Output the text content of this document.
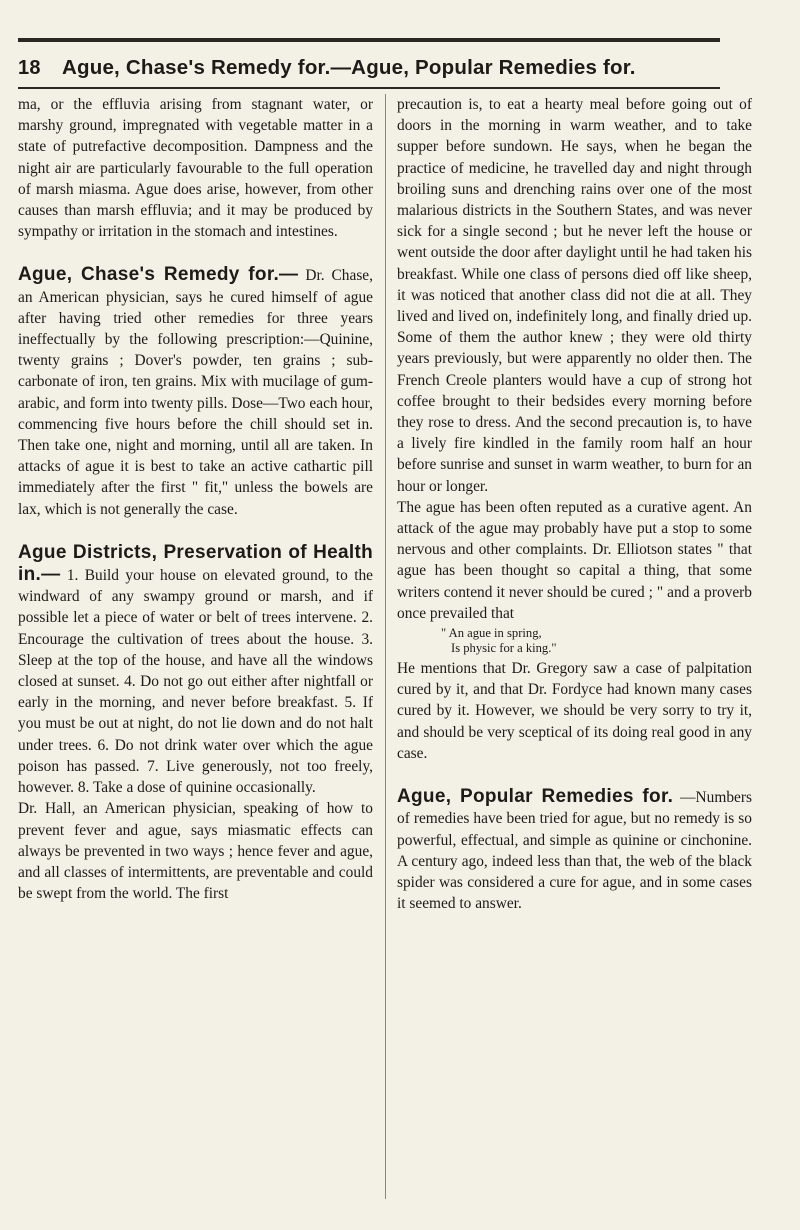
18	Ague, Chase's Remedy for.—Ague, Popular Remedies for.

ma, or the effluvia arising from stagnant water, or marshy ground, impregnated with vegetable matter in a state of putrefactive decomposition. Dampness and the night air are particularly favourable to the full operation of marsh miasma. Ague does arise, however, from other causes than marsh effluvia; and it may be produced by sympathy or irritation in the stomach and intestines.

Ague, Chase's Remedy for.— Dr. Chase, an American physician, says he cured himself of ague after having tried other remedies for three years ineffectually by the following prescription:—Quinine, twenty grains ; Dover's powder, ten grains ; sub-carbonate of iron, ten grains. Mix with mucilage of gum-arabic, and form into twenty pills. Dose—Two each hour, commencing five hours before the chill should set in. Then take one, night and morning, until all are taken. In attacks of ague it is best to take an active cathartic pill immediately after the first " fit," unless the bowels are lax, which is not generally the case.

Ague Districts, Preservation of Health in.— 1. Build your house on elevated ground, to the windward of any swampy ground or marsh, and if possible let a piece of water or belt of trees intervene. 2. Encourage the cultivation of trees about the house. 3. Sleep at the top of the house, and have all the windows closed at sunset. 4. Do not go out either after nightfall or early in the morning, and never before breakfast. 5. If you must be out at night, do not lie down and do not halt under trees. 6. Do not drink water over which the ague poison has passed. 7. Live generously, not too freely, however. 8. Take a dose of quinine occasionally.

Dr. Hall, an American physician, speaking of how to prevent fever and ague, says miasmatic effects can always be prevented in two ways ; hence fever and ague, and all classes of intermittents, are preventable and could be swept from the world. The first

precaution is, to eat a hearty meal before going out of doors in the morning in warm weather, and to take supper before sundown. He says, when he began the practice of medicine, he travelled day and night through broiling suns and drenching rains over one of the most malarious districts in the Southern States, and was never sick for a single second ; but he never left the house or went outside the door after daylight until he had taken his breakfast. While one class of persons died off like sheep, it was noticed that another class did not die at all. They lived and lived on, indefinitely long, and finally dried up. Some of them the author knew ; they were old thirty years previously, but were apparently no older then. The French Creole planters would have a cup of strong hot coffee brought to their bedsides every morning before they rose to dress. And the second precaution is, to have a lively fire kindled in the family room half an hour before sunrise and sunset in warm weather, to burn for an hour or longer.

The ague has been often reputed as a curative agent. An attack of the ague may probably have put a stop to some nervous and other complaints. Dr. Elliotson states " that ague has been thought so capital a thing, that some writers contend it never should be cured ; " and a proverb once prevailed that

" An ague in spring,
Is physic for a king."

He mentions that Dr. Gregory saw a case of palpitation cured by it, and that Dr. Fordyce had known many cases cured by it. However, we should be very sorry to try it, and should be very sceptical of its doing real good in any case.

Ague, Popular Remedies for. —Numbers of remedies have been tried for ague, but no remedy is so powerful, effectual, and simple as quinine or cinchonine. A century ago, indeed less than that, the web of the black spider was considered a cure for ague, and in some cases it seemed to answer.
